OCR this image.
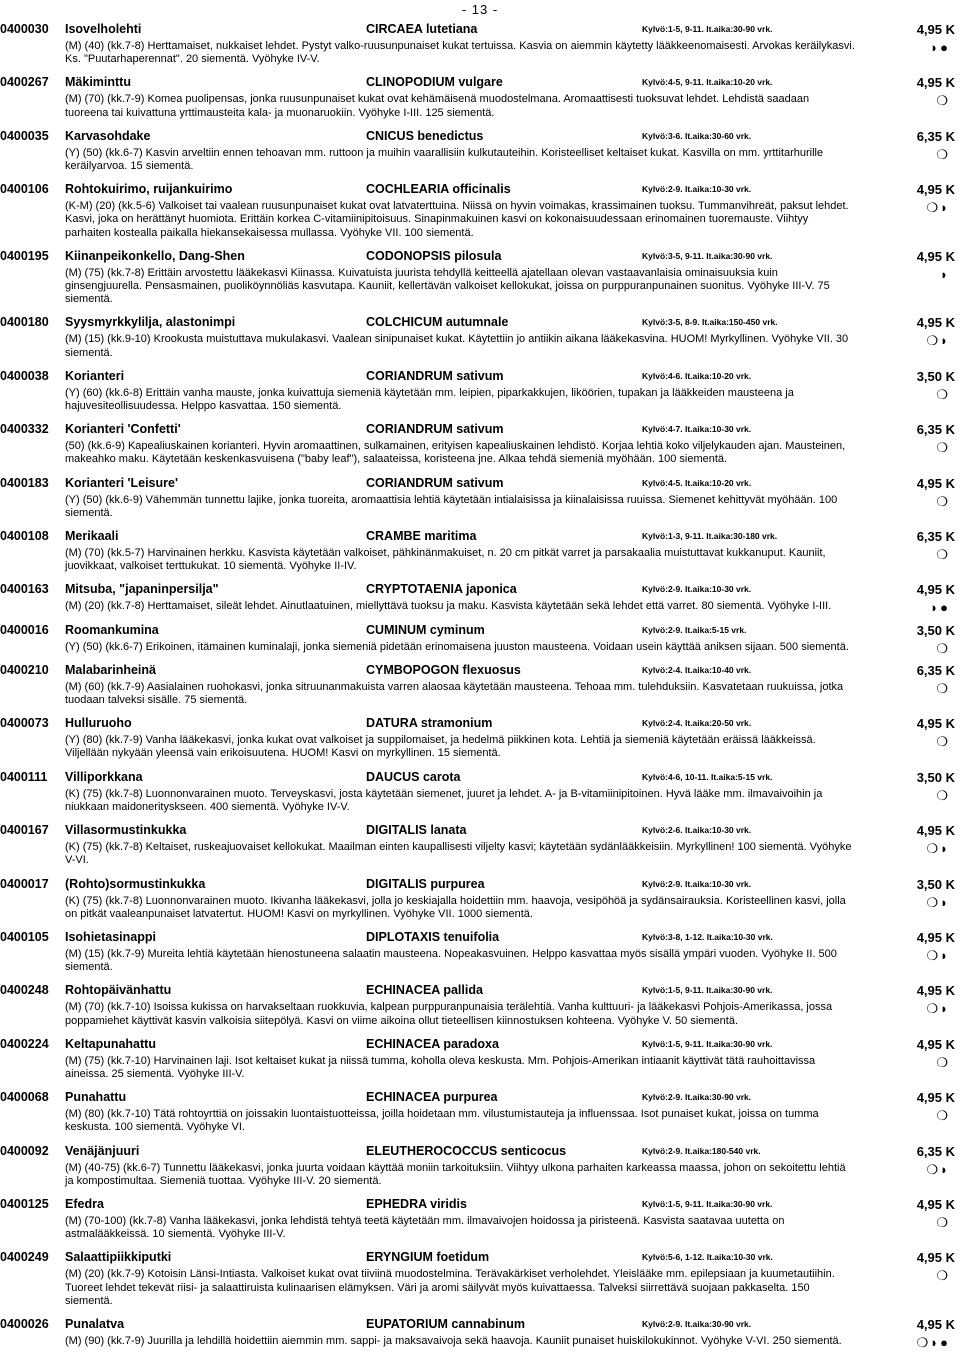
- 13 -
0400030 Isovelholehti	CIRCAEA lutetiana	Kylvö:1-5, 9-11. It.aika:30-90 vrk.	4,95 K
(M) (40) (kk.7-8) Herttamaiset, nukkaiset lehdet. Pystyt valko-ruusunpunaiset kukat tertuissa. Kasvia on aiemmin käytetty lääkkeenomaisesti. Arvokas keräilykasvi. Ks. "Puutarhaperennat". 20 siementä. Vyöhyke IV-V.
◗●
0400267 Mäkiminttu	CLINOPODIUM vulgare	Kylvö:4-5, 9-11. It.aika:10-20 vrk.	4,95 K
(M) (70) (kk.7-9) Komea puolipensas, jonka ruusunpunaiset kukat ovat kehämäisenä muodostelmana. Aromaattisesti tuoksuvat lehdet. Lehdistä saadaan tuoreena tai kuivattuna yrttimausteita kala- ja muonaruokiin. Vyöhyke I-III. 125 siementä.
❍
0400035 Karvasohdake	CNICUS benedictus	Kylvö:3-6. It.aika:30-60 vrk.	6,35 K
(Y) (50) (kk.6-7) Kasvin arveltiin ennen tehoavan mm. ruttoon ja muihin vaarallisiin kulkutauteihin. Koristeelliset keltaiset kukat. Kasvilla on mm. yrttitarhurille keräilyarvoa. 15 siementä.
❍
0400106 Rohtokuirimo, ruijankuirimo	COCHLEARIA officinalis	Kylvö:2-9. It.aika:10-30 vrk.	4,95 K
(K-M) (20) (kk.5-6) Valkoiset tai vaalean ruusunpunaiset kukat ovat latvaterttuina. Niissä on hyvin voimakas, krassimainen tuoksu. Tummanvihreät, paksut lehdet. Kasvi, joka on herättänyt huomiota. Erittäin korkea C-vitamiinipitoisuus. Sinapinmakuinen kasvi on kokonaisuudessaan erinomainen tuoremauste. Viihtyy parhaiten kostealla paikalla hiekansekaisessa mullassa. Vyöhyke VII. 100 siementä.
❍◗
0400195 Kiinanpeikonkello, Dang-Shen	CODONOPSIS pilosula	Kylvö:3-5, 9-11. It.aika:30-90 vrk.	4,95 K
(M) (75) (kk.7-8) Erittäin arvostettu lääkekasvi Kiinassa. Kuivatuista juurista tehdyllä keitteellä ajatellaan olevan vastaavanlaisia ominaisuuksia kuin ginsengjuurella. Pensasmainen, puoliköynnöliäs kasvutapa. Kauniit, kellertävän valkoiset kellokukat, joissa on purppuranpunainen suonitus. Vyöhyke III-V. 75 siementä.
◗
0400180 Syysmyrkkylilja, alastonimpi	COLCHICUM autumnale	Kylvö:3-5, 8-9. It.aika:150-450 vrk.	4,95 K
(M) (15) (kk.9-10) Krookusta muistuttava mukulakasvi. Vaalean sinipunaiset kukat. Käytettiin jo antiikin aikana lääkekasvina. HUOM! Myrkyllinen. Vyöhyke VII. 30 siementä.
❍◗
0400038 Korianteri	CORIANDRUM sativum	Kylvö:4-6. It.aika:10-20 vrk.	3,50 K
(Y) (60) (kk.6-8) Erittäin vanha mauste, jonka kuivattuja siemeniä käytetään mm. leipien, piparkakkujen, liköörien, tupakan ja lääkkeiden mausteena ja hajuvesiteollisuudessa. Helppo kasvattaa. 150 siementä.
❍
0400332 Korianteri 'Confetti'	CORIANDRUM sativum	Kylvö:4-7. It.aika:10-30 vrk.	6,35 K
(50) (kk.6-9) Kapealiuskainen korianteri. Hyvin aromaattinen, sulkamainen, erityisen kapealiuskainen lehdistö. Korjaa lehtiä koko viljelykauden ajan. Mausteinen, makeahko maku. Käytetään keskenkasvuisena ("baby leaf"), salaateissa, koristeena jne. Alkaa tehdä siemeniä myöhään. 100 siementä.
❍
0400183 Korianteri 'Leisure'	CORIANDRUM sativum	Kylvö:4-5. It.aika:10-20 vrk.	4,95 K
(Y) (50) (kk.6-9) Vähemmän tunnettu lajike, jonka tuoreita, aromaattisia lehtiä käytetään intialaisissa ja kiinalaisissa ruuissa. Siemenet kehittyvät myöhään. 100 siementä.
❍
0400108 Merikaali	CRAMBE maritima	Kylvö:1-3, 9-11. It.aika:30-180 vrk.	6,35 K
(M) (70) (kk.5-7) Harvinainen herkku. Kasvista käytetään valkoiset, pähkinänmakuiset, n. 20 cm pitkät varret ja parsakaalia muistuttavat kukkanuput. Kauniit, juovikkaat, valkoiset terttukukat. 10 siementä. Vyöhyke II-IV.
❍
0400163 Mitsuba, "japaninpersilja"	CRYPTOTAENIA japonica	Kylvö:2-9. It.aika:10-30 vrk.	4,95 K
(M) (20) (kk.7-8) Herttamaiset, sileät lehdet. Ainutlaatuinen, miellyttävä tuoksu ja maku. Kasvista käytetään sekä lehdet että varret. 80 siementä. Vyöhyke I-III.	◗●
0400016 Roomankumina	CUMINUM cyminum	Kylvö:2-9. It.aika:5-15 vrk.	3,50 K
(Y) (50) (kk.6-7) Erikoinen, itämainen kuminalaji, jonka siemeniä pidetään erinomaisena juuston mausteena. Voidaan usein käyttää aniksen sijaan. 500 siementä.	❍
0400210 Malabarinheinä	CYMBOPOGON flexuosus	Kylvö:2-4. It.aika:10-40 vrk.	6,35 K
(M) (60) (kk.7-9) Aasialainen ruohokasvi, jonka sitruunanmakuista varren alaosaa käytetään mausteena. Tehoaa mm. tulehduksiin. Kasvatetaan ruukuissa, jotka tuodaan talveksi sisälle. 75 siementä.
❍
0400073 Hulluruoho	DATURA stramonium	Kylvö:2-4. It.aika:20-50 vrk.	4,95 K
(Y) (80) (kk.7-9) Vanha lääkekasvi, jonka kukat ovat valkoiset ja suppilomaiset, ja hedelmä piikkinen kota. Lehtiä ja siemeniä käytetään eräissä lääkkeissä. Viljellään nykyään yleensä vain erikoisuutena. HUOM! Kasvi on myrkyllinen. 15 siementä.
❍
0400111 Villiporkkana	DAUCUS carota	Kylvö:4-6, 10-11. It.aika:5-15 vrk.	3,50 K
(K) (75) (kk.7-8) Luonnonvarainen muoto. Terveyskasvi, josta käytetään siemenet, juuret ja lehdet. A- ja B-vitamiinipitoinen. Hyvä lääke mm. ilmavaivoihin ja niukkaan maidonerityskseen. 400 siementä. Vyöhyke IV-V.
❍
0400167 Villasormustinkukka	DIGITALIS lanata	Kylvö:2-6. It.aika:10-30 vrk.	4,95 K
(K) (75) (kk.7-8) Keltaiset, ruskeajuovaiset kellokukat. Maailman einten kaupallisesti viljelty kasvi; käytetään sydänlääkkeisiin. Myrkyllinen! 100 siementä. Vyöhyke V-VI.
❍◗
0400017 (Rohto)sormustinkukka	DIGITALIS purpurea	Kylvö:2-9. It.aika:10-30 vrk.	3,50 K
(K) (75) (kk.7-8) Luonnonvarainen muoto. Ikivanha lääkekasvi, jolla jo keskiajalla hoidettiin mm. haavoja, vesipöhöä ja sydänsairauksia. Koristeellinen kasvi, jolla on pitkät vaaleanpunaiset latvatertut. HUOM! Kasvi on myrkyllinen. Vyöhyke VII. 1000 siementä.
❍◗
0400105 Isohietasinappi	DIPLOTAXIS tenuifolia	Kylvö:3-8, 1-12. It.aika:10-30 vrk.	4,95 K
(M) (15) (kk.7-9) Mureita lehtiä käytetään hienostuneena salaatin mausteena. Nopeakasvuinen. Helppo kasvattaa myös sisällä ympäri vuoden. Vyöhyke II. 500 siementä.
❍◗
0400248 Rohtopäivänhattu	ECHINACEA pallida	Kylvö:1-5, 9-11. It.aika:30-90 vrk.	4,95 K
(M) (70) (kk.7-10) Isoissa kukissa on harvakseltaan ruokkuvia, kalpean purppuranpunaisia terälehtiä. Vanha kulttuuri- ja lääkekasvi Pohjois-Amerikassa, jossa poppamiehet käyttivät kasvin valkoisia siitepölyä. Kasvi on viime aikoina ollut tieteellisen kiinnostuksen kohteena. Vyöhyke V. 50 siementä.
❍◗
0400224 Keltapunahattu	ECHINACEA paradoxa	Kylvö:1-5, 9-11. It.aika:30-90 vrk.	4,95 K
(M) (75) (kk.7-10) Harvinainen laji. Isot keltaiset kukat ja niissä tumma, koholla oleva keskusta. Mm. Pohjois-Amerikan intiaanit käyttivät tätä rauhoittavissa aineissa. 25 siementä. Vyöhyke III-V.
❍
0400068 Punahattu	ECHINACEA purpurea	Kylvö:2-9. It.aika:30-90 vrk.	4,95 K
(M) (80) (kk.7-10) Tätä rohtoyrttiä on joissakin luontaistuotteissa, joilla hoidetaan mm. vilustumistauteja ja influenssaa. Isot punaiset kukat, joissa on tumma keskusta. 100 siementä. Vyöhyke VI.
❍
0400092 Venäjänjuuri	ELEUTHEROCOCCUS senticocus	Kylvö:2-9. It.aika:180-540 vrk.	6,35 K
(M) (40-75) (kk.6-7) Tunnettu lääkekasvi, jonka juurta voidaan käyttää moniin tarkoituksiin. Viihtyy ulkona parhaiten karkeassa maassa, johon on sekoitettu lehtiä ja kompostimultaa. Siemeniä tuottaa. Vyöhyke III-V. 20 siementä.
❍◗
0400125 Efedra	EPHEDRA viridis	Kylvö:1-5, 9-11. It.aika:30-90 vrk.	4,95 K
(M) (70-100) (kk.7-8) Vanha lääkekasvi, jonka lehdistä tehtyä teetä käytetään mm. ilmavaivojen hoidossa ja piristeenä. Kasvista saatavaa uutetta on astmalääkkeissä. 10 siementä. Vyöhyke III-V.
❍
0400249 Salaattipiikkiputki	ERYNGIUM foetidum	Kylvö:5-6, 1-12. It.aika:10-30 vrk.	4,95 K
(M) (20) (kk.7-9) Kotoisin Länsi-Intiasta. Valkoiset kukat ovat tiiviinä muodostelmina. Terävakärkiset verholehdet. Yleislääke mm. epilepsiaan ja kuumetautiihin. Tuoreet lehdet tekevät riisi- ja salaattiruista kulinaarisen elämyksen. Väri ja aromi säilyvät myös kuivattaessa. Talveksi siirrettävä suojaan pakkaselta. 150 siementä.
❍
0400026 Punalatva	EUPATORIUM cannabinum	Kylvö:2-9. It.aika:30-90 vrk.	4,95 K
(M) (90) (kk.7-9) Juurilla ja lehdillä hoidettiin aiemmin mm. sappi- ja maksavaivoja sekä haavoja. Kauniit punaiset huiskilokukinnot. Vyöhyke V-VI. 250 siementä.	❍◗●
